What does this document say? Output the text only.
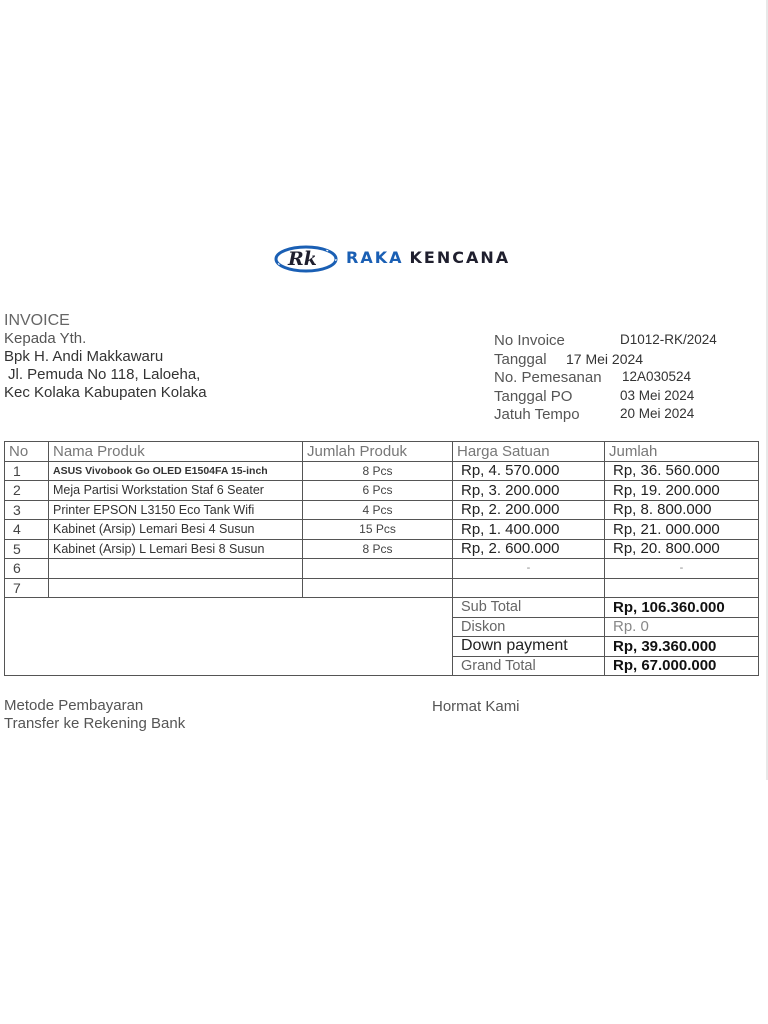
Rk RAKA KENCANA
INVOICE
Kepada Yth.
Bpk H. Andi Makkawaru
Jl. Pemuda No 118, Laloeha,
Kec Kolaka Kabupaten Kolaka
No Invoice	D1012-RK/2024
Tanggal 17 Mei 2024
No. Pemesanan 12A030524
Tanggal PO	03 Mei 2024
Jatuh Tempo	20 Mei 2024
No	Nama Produk	Jumlah Produk	Harga Satuan	Jumlah
1	ASUS Vivobook Go OLED E1504FA 15-inch	8 Pcs	Rp, 4. 570.000	Rp, 36. 560.000
2	Meja Partisi Workstation Staf 6 Seater	6 Pcs	Rp, 3. 200.000	Rp, 19. 200.000
3	Printer EPSON L3150 Eco Tank Wifi	4 Pcs	Rp, 2. 200.000	Rp, 8. 800.000
4	Kabinet (Arsip) Lemari Besi 4 Susun	15 Pcs	Rp, 1. 400.000	Rp, 21. 000.000
5	Kabinet (Arsip) L Lemari Besi 8 Susun	8 Pcs	Rp, 2. 600.000	Rp, 20. 800.000
6			-	-
7				
			Sub Total	Rp, 106.360.000
			Diskon	Rp. 0
			Down payment	Rp, 39.360.000
			Grand Total	Rp, 67.000.000
Metode Pembayaran
Transfer ke Rekening Bank
Hormat Kami
